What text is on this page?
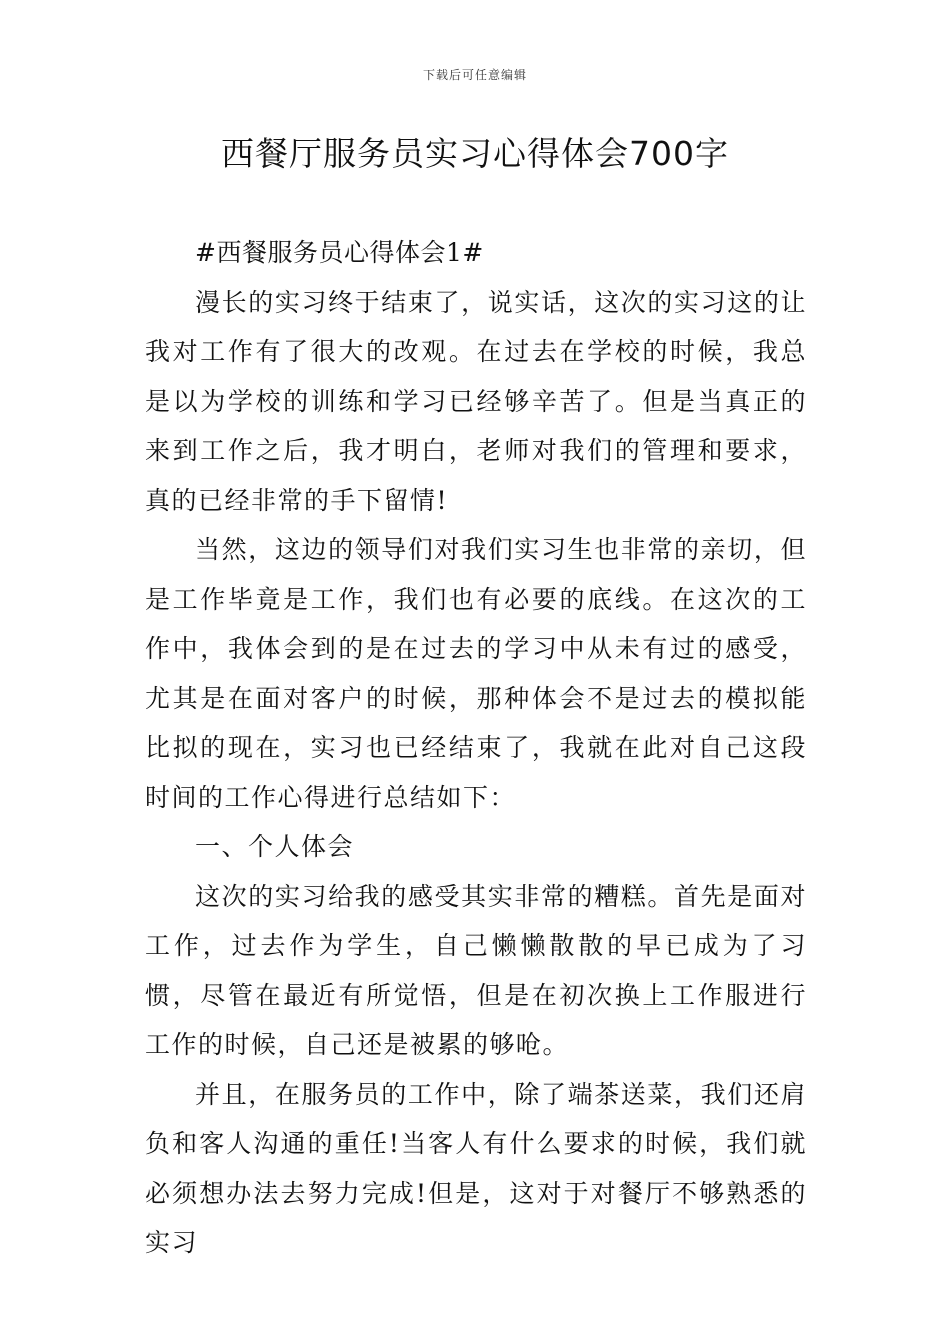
下载后可任意编辑
西餐厅服务员实习心得体会700字

#西餐服务员心得体会1#

漫长的实习终于结束了，说实话，这次的实习这的让我对工作有了很大的改观。在过去在学校的时候，我总是以为学校的训练和学习已经够辛苦了。但是当真正的来到工作之后，我才明白，老师对我们的管理和要求，真的已经非常的手下留情!

当然，这边的领导们对我们实习生也非常的亲切，但是工作毕竟是工作，我们也有必要的底线。在这次的工作中，我体会到的是在过去的学习中从未有过的感受，尤其是在面对客户的时候，那种体会不是过去的模拟能比拟的现在，实习也已经结束了，我就在此对自己这段时间的工作心得进行总结如下：

一、个人体会

这次的实习给我的感受其实非常的糟糕。首先是面对工作，过去作为学生，自己懒懒散散的早已成为了习惯，尽管在最近有所觉悟，但是在初次换上工作服进行工作的时候，自己还是被累的够呛。

并且，在服务员的工作中，除了端茶送菜，我们还肩负和客人沟通的重任!当客人有什么要求的时候，我们就必须想办法去努力完成!但是，这对于对餐厅不够熟悉的实习
